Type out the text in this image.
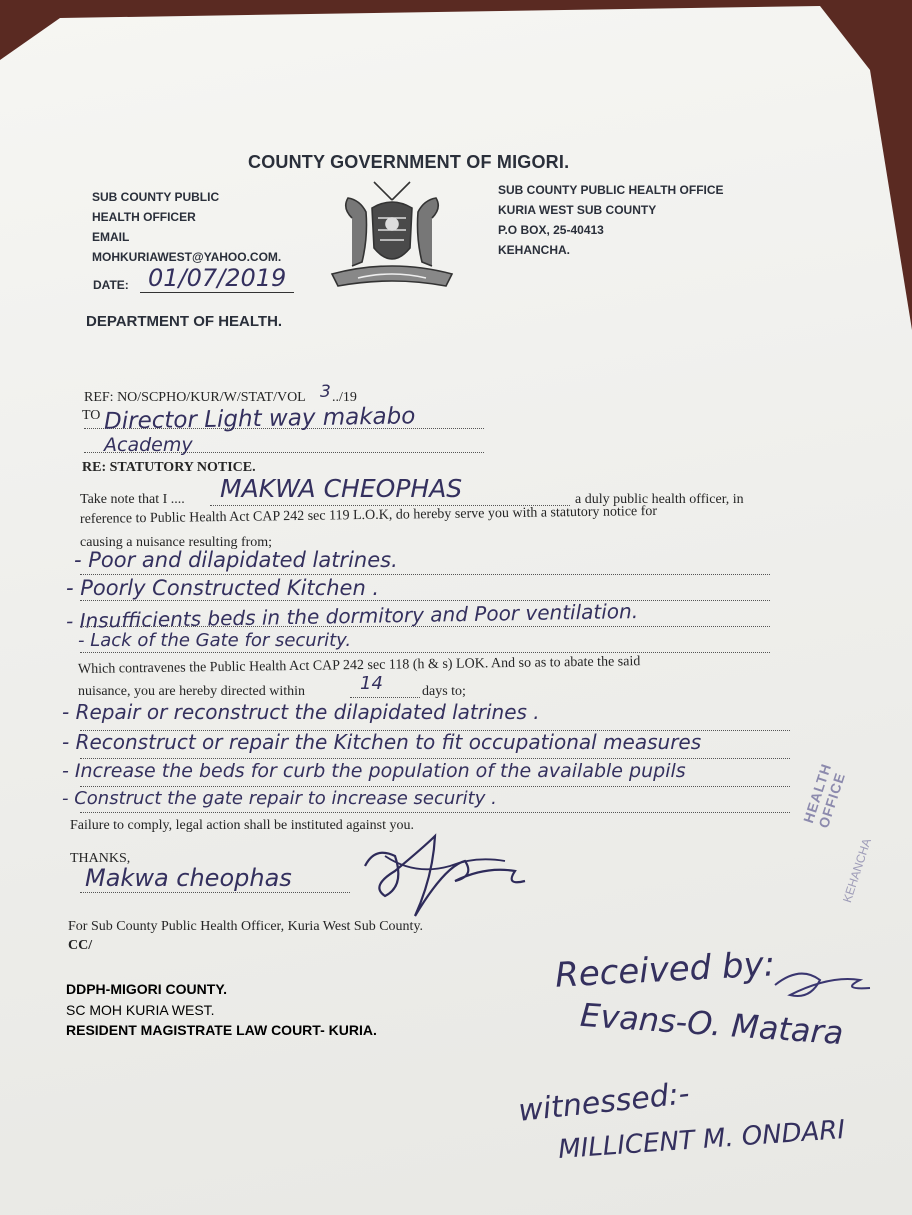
COUNTY GOVERNMENT OF MIGORI.
SUB COUNTY PUBLIC
HEALTH OFFICER
EMAIL
MOHKURIAWEST@YAHOO.COM.
SUB COUNTY PUBLIC HEALTH OFFICE
KURIA WEST SUB COUNTY
P.O BOX, 25-40413
KEHANCHA.
DATE: 01/07/2019
DEPARTMENT OF HEALTH.
REF: NO/SCPHO/KUR/W/STAT/VOL 3 ../19
TO Director Light way makabo
Academy
RE: STATUTORY NOTICE.
Take note that I .... MAKWA CHEOPHAS	a duly public health officer, in
reference to Public Health Act CAP 242 sec 119 L.O.K, do hereby serve you with a statutory notice for
causing a nuisance resulting from;
- Poor and dilapidated latrines.
- Poorly Constructed Kitchen .
- Insufficients beds in the dormitory and Poor ventilation.
- Lack of the Gate for security.
Which contravenes the Public Health Act CAP 242 sec 118 (h & s) LOK. And so as to abate the said
nuisance, you are hereby directed within	14	days to;
- Repair or reconstruct the dilapidated latrines .
- Reconstruct or repair the Kitchen to fit occupational measures
- Increase the beds for curb the population of the available pupils
- Construct the gate repair to increase security .
Failure to comply, legal action shall be instituted against you.
THANKS,
Makwa cheophas
For Sub County Public Health Officer, Kuria West Sub County.
CC/
DDPH-MIGORI COUNTY.
SC MOH KURIA WEST.
RESIDENT MAGISTRATE LAW COURT- KURIA.
HEALTH OFFICE
KEHANCHA
Received by:
Evans-O. Matara
witnessed:-
MILLICENT M. ONDARI
